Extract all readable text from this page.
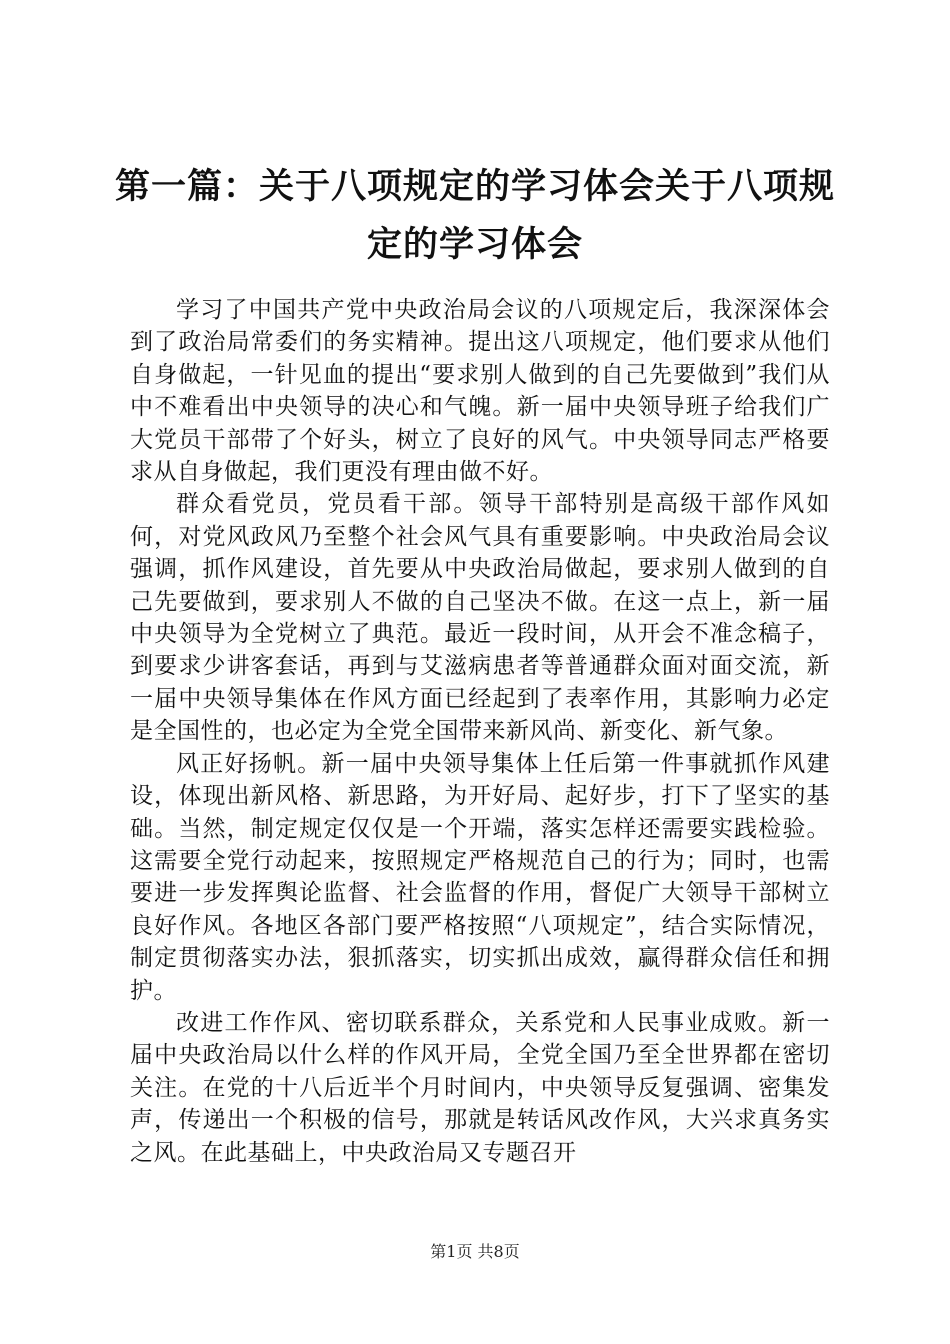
第一篇：关于八项规定的学习体会关于八项规定的学习体会

学习了中国共产党中央政治局会议的八项规定后，我深深体会到了政治局常委们的务实精神。提出这八项规定，他们要求从他们自身做起，一针见血的提出“要求别人做到的自己先要做到”我们从中不难看出中央领导的决心和气魄。新一届中央领导班子给我们广大党员干部带了个好头，树立了良好的风气。中央领导同志严格要求从自身做起，我们更没有理由做不好。

群众看党员，党员看干部。领导干部特别是高级干部作风如何，对党风政风乃至整个社会风气具有重要影响。中央政治局会议强调，抓作风建设，首先要从中央政治局做起，要求别人做到的自己先要做到，要求别人不做的自己坚决不做。在这一点上，新一届中央领导为全党树立了典范。最近一段时间，从开会不准念稿子，到要求少讲客套话，再到与艾滋病患者等普通群众面对面交流，新一届中央领导集体在作风方面已经起到了表率作用，其影响力必定是全国性的，也必定为全党全国带来新风尚、新变化、新气象。

风正好扬帆。新一届中央领导集体上任后第一件事就抓作风建设，体现出新风格、新思路，为开好局、起好步，打下了坚实的基础。当然，制定规定仅仅是一个开端，落实怎样还需要实践检验。这需要全党行动起来，按照规定严格规范自己的行为；同时，也需要进一步发挥舆论监督、社会监督的作用，督促广大领导干部树立良好作风。各地区各部门要严格按照“八项规定”，结合实际情况，制定贯彻落实办法，狠抓落实，切实抓出成效，赢得群众信任和拥护。

改进工作作风、密切联系群众，关系党和人民事业成败。新一届中央政治局以什么样的作风开局，全党全国乃至全世界都在密切关注。在党的十八后近半个月时间内，中央领导反复强调、密集发声，传递出一个积极的信号，那就是转话风改作风，大兴求真务实之风。在此基础上，中央政治局又专题召开

第1页 共8页
